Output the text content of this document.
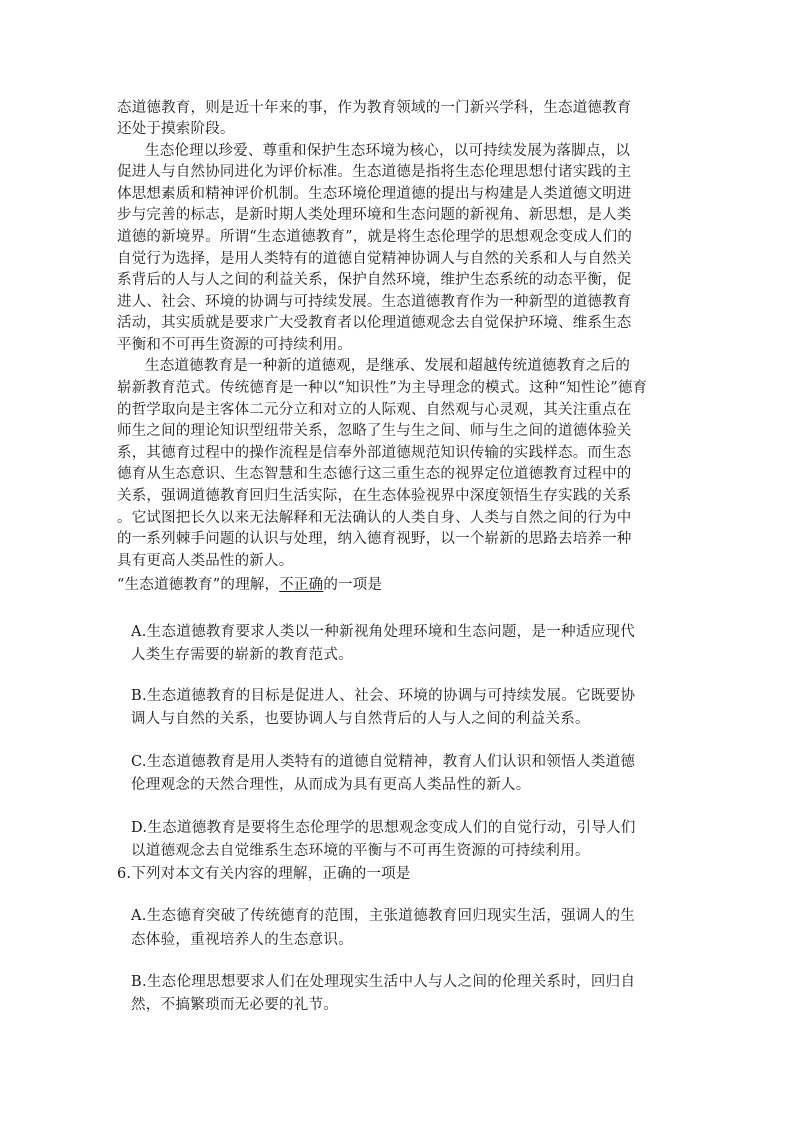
态道德教育，则是近十年来的事，作为教育领域的一门新兴学科，生态道德教育
还处于摸索阶段。
生态伦理以珍爱、尊重和保护生态环境为核心，以可持续发展为落脚点，以
促进人与自然协同进化为评价标准。生态道德是指将生态伦理思想付诸实践的主
体思想素质和精神评价机制。生态环境伦理道德的提出与构建是人类道德文明进
步与完善的标志，是新时期人类处理环境和生态问题的新视角、新思想，是人类
道德的新境界。所谓“生态道德教育”，就是将生态伦理学的思想观念变成人们的
自觉行为选择，是用人类特有的道德自觉精神协调人与自然的关系和人与自然关
系背后的人与人之间的利益关系，保护自然环境，维护生态系统的动态平衡，促
进人、社会、环境的协调与可持续发展。生态道德教育作为一种新型的道德教育
活动，其实质就是要求广大受教育者以伦理道德观念去自觉保护环境、维系生态
平衡和不可再生资源的可持续利用。
生态道德教育是一种新的道德观，是继承、发展和超越传统道德教育之后的
崭新教育范式。传统德育是一种以“知识性”为主导理念的模式。这种“知性论”德育
的哲学取向是主客体二元分立和对立的人际观、自然观与心灵观，其关注重点在
师生之间的理论知识型纽带关系，忽略了生与生之间、师与生之间的道德体验关
系，其德育过程中的操作流程是信奉外部道德规范知识传输的实践样态。而生态
德育从生态意识、生态智慧和生态德行这三重生态的视界定位道德教育过程中的
关系，强调道德教育回归生活实际，在生态体验视界中深度领悟生存实践的关系
。它试图把长久以来无法解释和无法确认的人类自身、人类与自然之间的行为中
的一系列棘手问题的认识与处理，纳入德育视野，以一个崭新的思路去培养一种
具有更高人类品性的新人。
“生态道德教育”的理解，不正确的一项是
A.生态道德教育要求人类以一种新视角处理环境和生态问题，是一种适应现代
人类生存需要的崭新的教育范式。
B.生态道德教育的目标是促进人、社会、环境的协调与可持续发展。它既要协
调人与自然的关系，也要协调人与自然背后的人与人之间的利益关系。
C.生态道德教育是用人类特有的道德自觉精神，教育人们认识和领悟人类道德
伦理观念的天然合理性，从而成为具有更高人类品性的新人。
D.生态道德教育是要将生态伦理学的思想观念变成人们的自觉行动，引导人们
以道德观念去自觉维系生态环境的平衡与不可再生资源的可持续利用。
6.下列对本文有关内容的理解，正确的一项是
A.生态德育突破了传统德育的范围，主张道德教育回归现实生活，强调人的生
态体验，重视培养人的生态意识。
B.生态伦理思想要求人们在处理现实生活中人与人之间的伦理关系时，回归自
然，不搞繁琐而无必要的礼节。
